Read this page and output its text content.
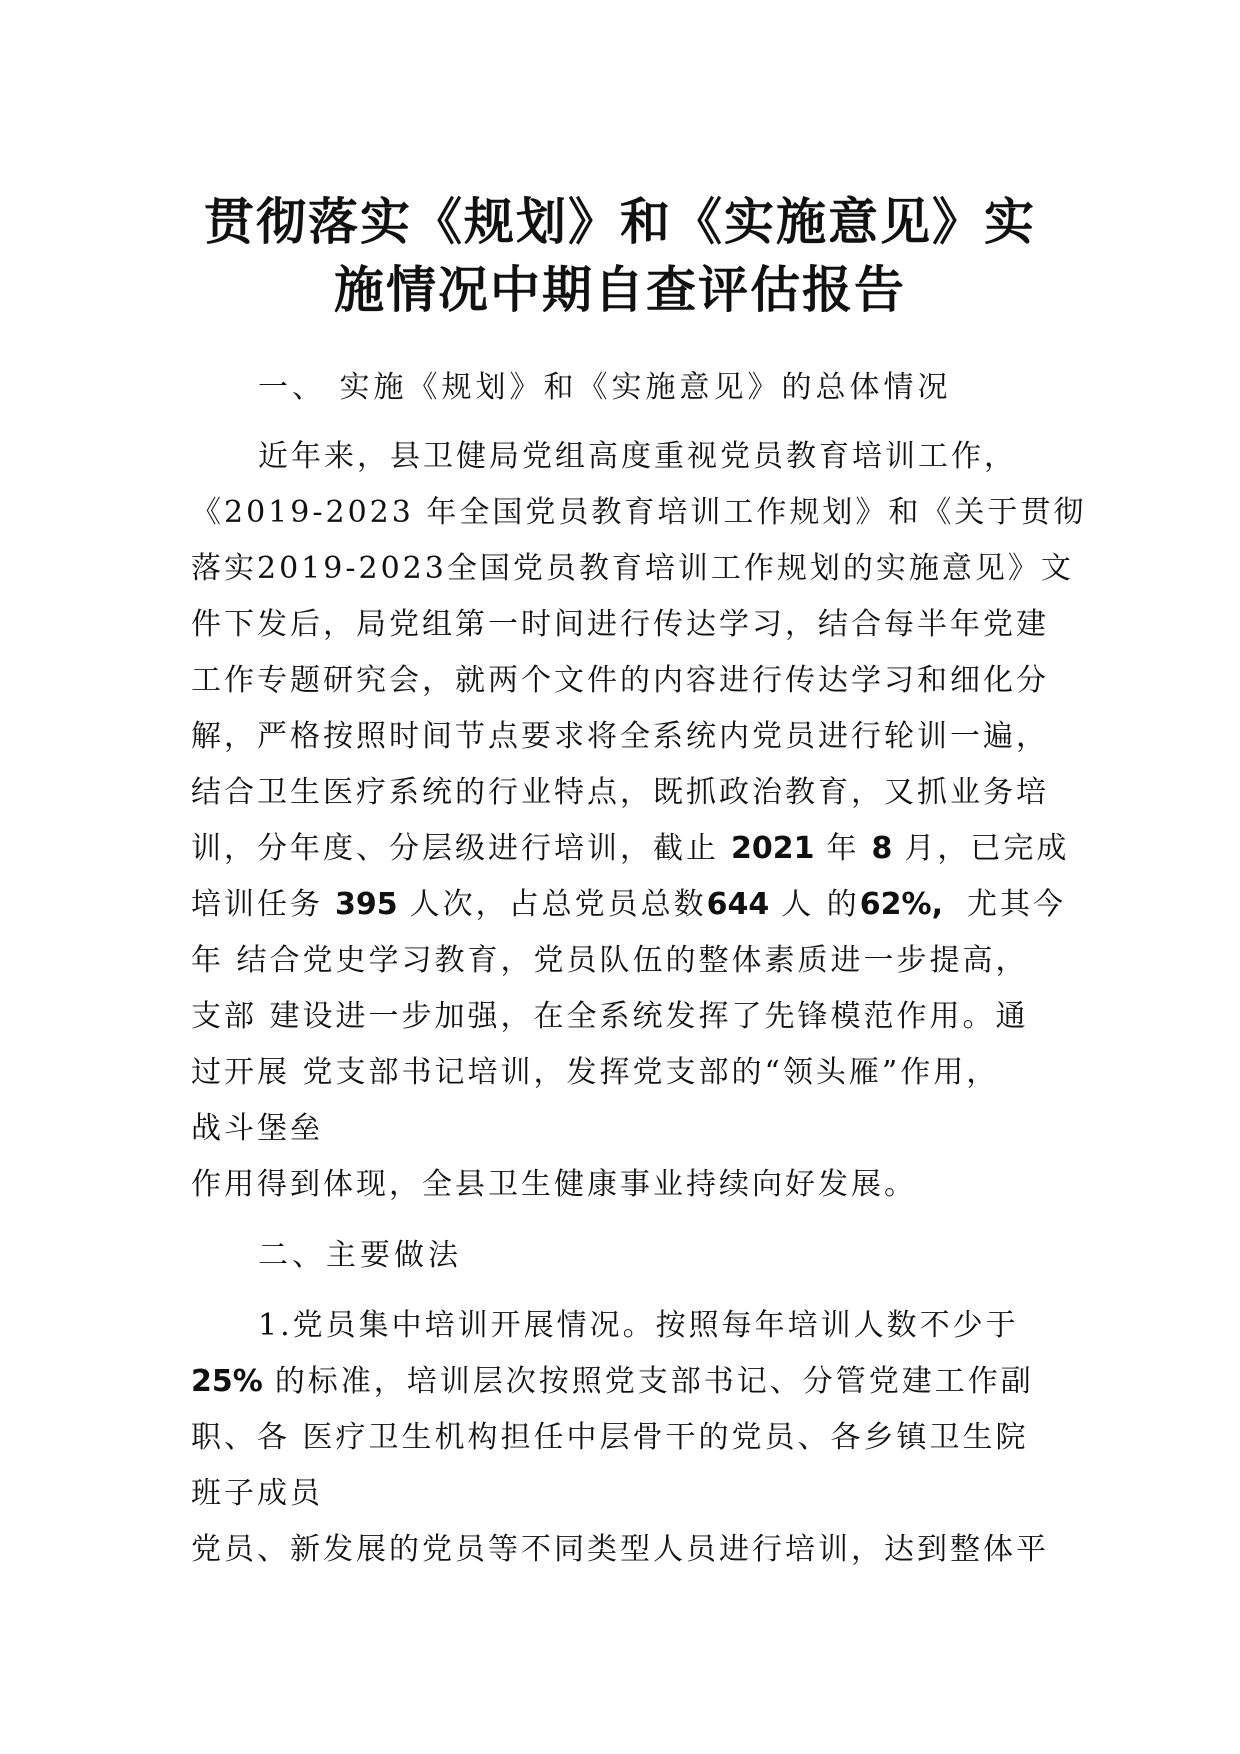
贯彻落实《规划》和《实施意见》实
施情况中期自查评估报告

一、 实施《规划》和《实施意见》的总体情况

近年来，县卫健局党组高度重视党员教育培训工作，

《2019-2023 年全国党员教育培训工作规划》和《关于贯彻

落实2019-2023全国党员教育培训工作规划的实施意见》文

件下发后，局党组第一时间进行传达学习，结合每半年党建

工作专题研究会，就两个文件的内容进行传达学习和细化分

解，严格按照时间节点要求将全系统内党员进行轮训一遍，

结合卫生医疗系统的行业特点，既抓政治教育，又抓业务培

训，分年度、分层级进行培训，截止 2021 年 8 月，已完成

培训任务 395 人次，占总党员总数644 人 的62%, 尤其今

年 结合党史学习教育，党员队伍的整体素质进一步提高，

支部 建设进一步加强，在全系统发挥了先锋模范作用。通

过开展 党支部书记培训，发挥党支部的“领头雁”作用，

战斗堡垒

作用得到体现，全县卫生健康事业持续向好发展。

二、主要做法

1.党员集中培训开展情况。按照每年培训人数不少于

25% 的标准，培训层次按照党支部书记、分管党建工作副

职、各 医疗卫生机构担任中层骨干的党员、各乡镇卫生院

班子成员

党员、新发展的党员等不同类型人员进行培训，达到整体平
